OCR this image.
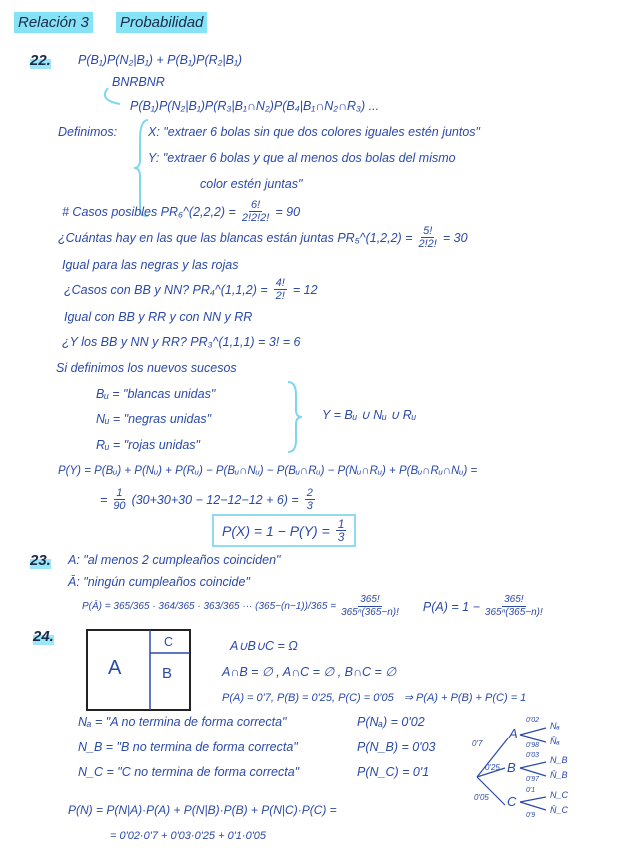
Relación 3 Probabilidad
22. P(B₁)P(N₂|B₁) + P(B₁)P(R₂|B₁)
BNRBNR
P(B₁)P(N₂|B₁)P(R₃|B₁∩N₂)P(B₄|B₁∩N₂∩R₃) ...
Definimos: X: "extraer 6 bolas sin que dos colores iguales estén juntos"
Y: "extraer 6 bolas y que al menos dos bolas del mismo
color estén juntas"
# Casos posibles PR₆^(2,2,2) = $\frac{6!}{2!2!2!} = 90$
¿Cuántas hay en las que las blancas están juntas PR₅^(1,2,2) = $\frac{5!}{2!2!} = 30$
Igual para las negras y las rojas
¿Casos con BB y NN? PR₄^(1,1,2) = $\frac{4!}{2!} = 12$
Igual con BB y RR y con NN y RR
¿Y los BB y NN y RR? PR₃^(1,1,1) = 3! = 6
Si definimos los nuevos sucesos
Bᵤ = "blancas unidas"
Nᵤ = "negras unidas"
Rᵤ = "rojas unidas"
Y = Bᵤ ∪ Nᵤ ∪ Rᵤ
P(Y) = P(Bᵤ) + P(Nᵤ) + P(Rᵤ) − P(Bᵤ∩Nᵤ) − P(Bᵤ∩Rᵤ) − P(Nᵤ∩Rᵤ) + P(Bᵤ∩Rᵤ∩Nᵤ) =
= $\frac{1}{90} (30+30+30 - 12-12-12 + 6) = \frac{2}{3}$
$P(X) = 1 - P(Y) = \frac{1}{3}$
23. A: "al menos 2 cumpleaños coinciden"
Ā: "ningún cumpleaños coincide"
P(Ā) = 365/365 · 364/365 · 363/365 ··· $(365-(n-1))/365 = \frac{365!}{\text{365ⁿ(365−n)!}} P(A) = 1 - \frac{365!}{\text{365ⁿ(365−n)!}}$
24.
A	B
C	A∪B∪C = Ω
A∩B = ∅ , A∩C = ∅ , B∩C = ∅
P(A) = 0'7, P(B) = 0'25, P(C) = 0'05 ⇒ P(A) + P(B) + P(C) = 1
Nₐ = "A no termina de forma correcta"	P(Nₐ) = 0'02
N_B = "B no termina de forma correcta"	P(N_B) = 0'03
N_C = "C no termina de forma correcta"	P(N_C) = 0'1
A
B
C
0'7
0'25
0'05
0'02
0'98
0'03
0'97
0'1
0'9
Nₐ
N̄ₐ
N_B
N̄_B
N_C
N̄_C
P(N) = P(N|A)·P(A) + P(N|B)·P(B) + P(N|C)·P(C) =
= 0'02·0'7 + 0'03·0'25 + 0'1·0'05
